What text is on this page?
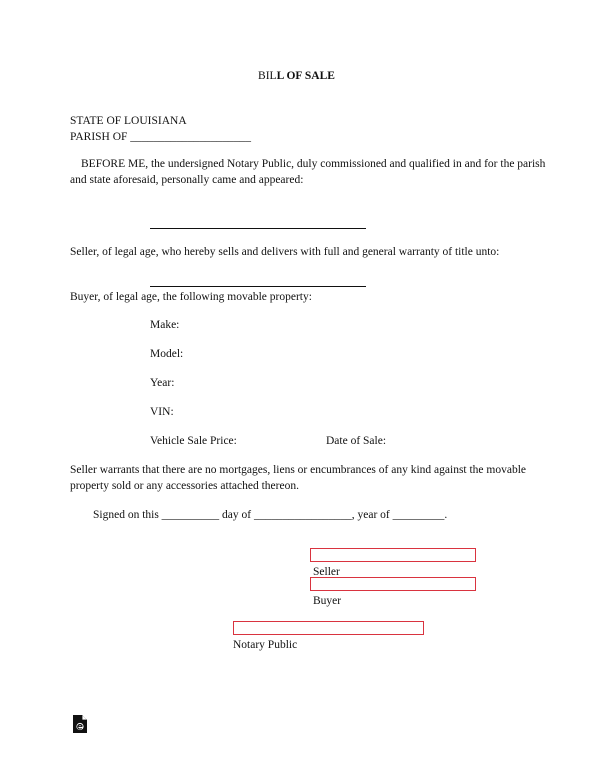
BILL OF SALE
STATE OF LOUISIANA
PARISH OF _____________________
BEFORE ME, the undersigned Notary Public, duly commissioned and qualified in and for the parish
and state aforesaid, personally came and appeared:
Seller, of legal age, who hereby sells and delivers with full and general warranty of title unto:
Buyer, of legal age, the following movable property:
Make:
Model:
Year:
VIN:
Vehicle Sale Price:	Date of Sale:
Seller warrants that there are no mortgages, liens or encumbrances of any kind against the movable
property sold or any accessories attached thereon.
Signed on this __________ day of _________________, year of _________.
Seller
Buyer
Notary Public
